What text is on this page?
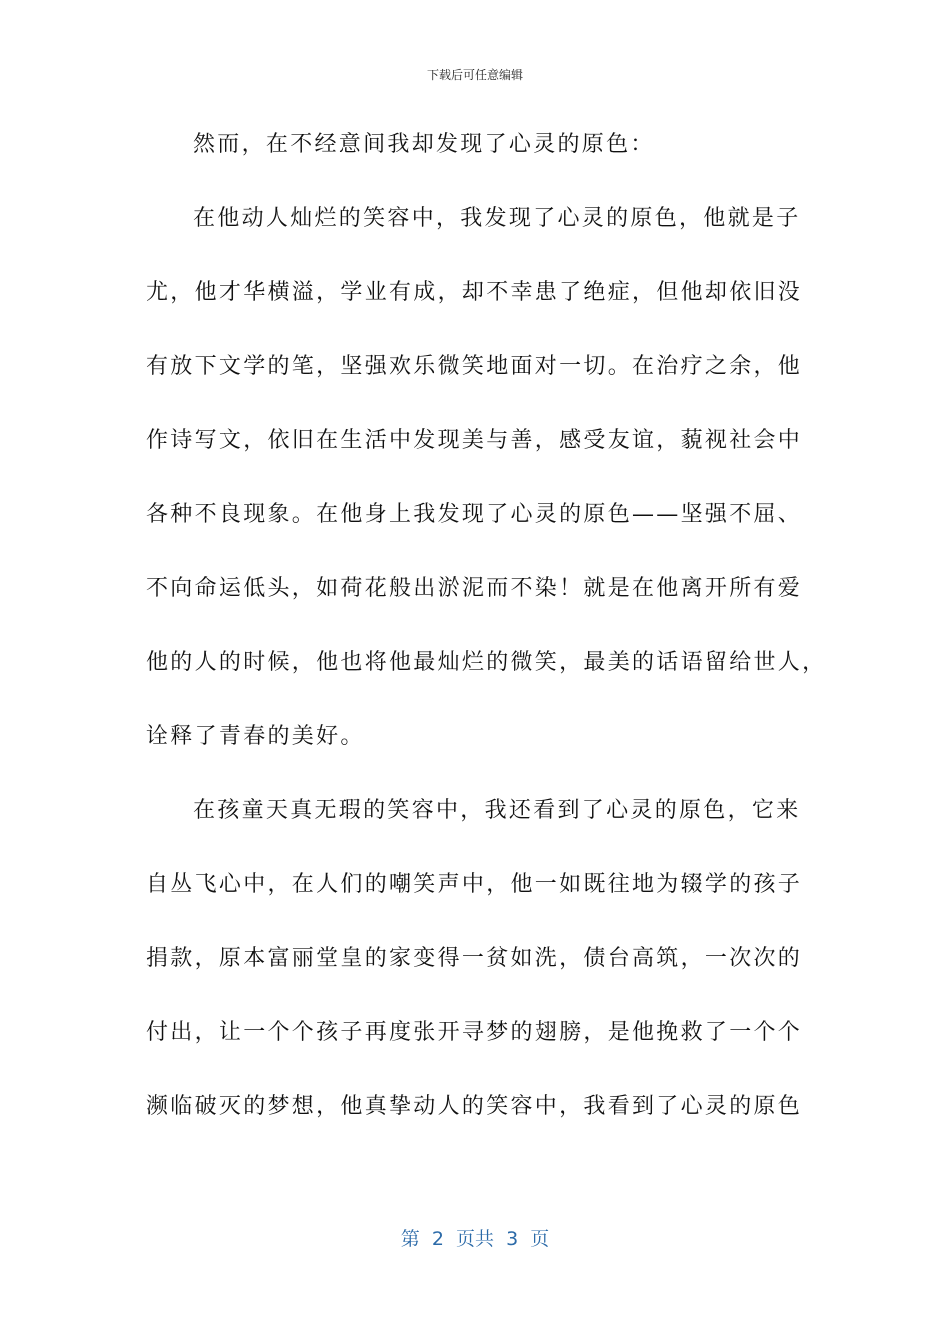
下载后可任意编辑
然而，在不经意间我却发现了心灵的原色：
在他动人灿烂的笑容中，我发现了心灵的原色，他就是子
尤，他才华横溢，学业有成，却不幸患了绝症，但他却依旧没
有放下文学的笔，坚强欢乐微笑地面对一切。在治疗之余，他
作诗写文，依旧在生活中发现美与善，感受友谊，藐视社会中
各种不良现象。在他身上我发现了心灵的原色——坚强不屈、
不向命运低头，如荷花般出淤泥而不染！就是在他离开所有爱
他的人的时候，他也将他最灿烂的微笑，最美的话语留给世人，
诠释了青春的美好。
在孩童天真无瑕的笑容中，我还看到了心灵的原色，它来
自丛飞心中，在人们的嘲笑声中，他一如既往地为辍学的孩子
捐款，原本富丽堂皇的家变得一贫如洗，债台高筑，一次次的
付出，让一个个孩子再度张开寻梦的翅膀，是他挽救了一个个
濒临破灭的梦想，他真挚动人的笑容中，我看到了心灵的原色
第  2  页共  3  页
